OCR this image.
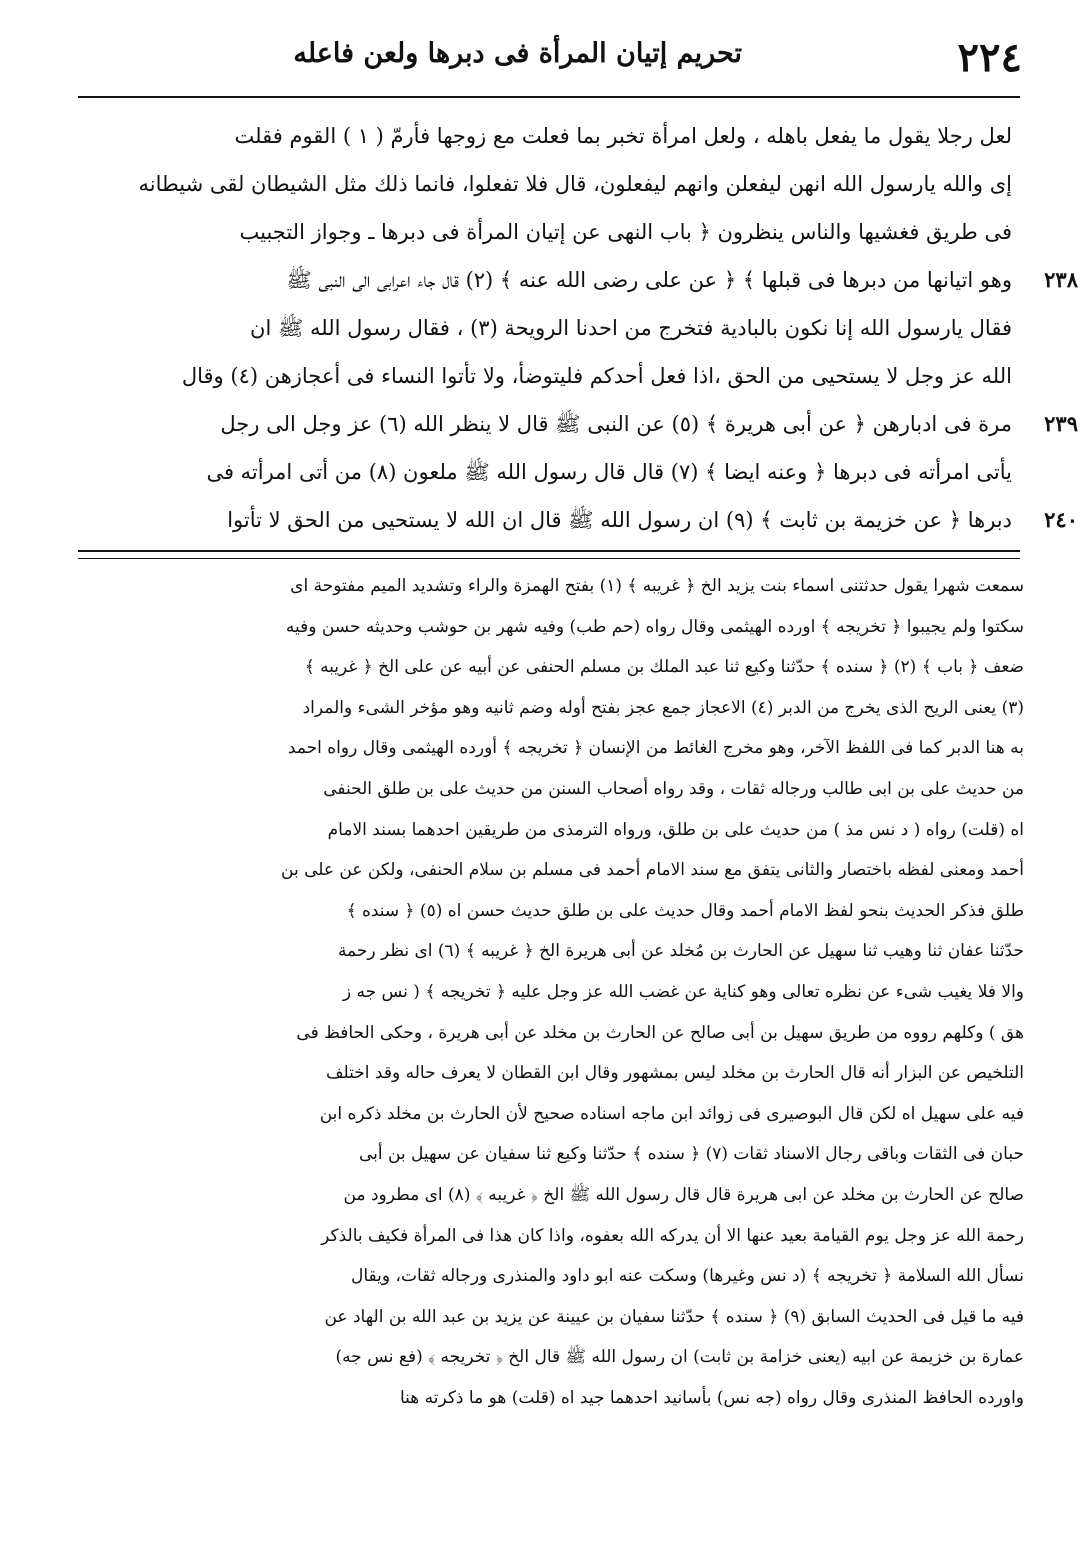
٢٢٤
تحريم إتيان المرأة فى دبرها ولعن فاعله
لعل رجلا يقول ما يفعل باهله ، ولعل امرأة تخبر بما فعلت مع زوجها فأرمّ ( ١ ) القوم فقلت
إى والله يارسول الله انهن ليفعلن وانهم ليفعلون، قال فلا تفعلوا، فانما ذلك مثل الشيطان لقى شيطانه
فى طريق فغشيها والناس ينظرون ﴿ باب النهى عن إتيان المرأة فى دبرها ـ وجواز التجبيب
٢٣٨
وهو اتيانها من دبرها فى قبلها ﴾ ﴿ عن على رضى الله عنه ﴾ (٢) قال جاء اعرابى الى النبى ﷺ
فقال يارسول الله إنا نكون بالبادية فتخرج من احدنا الرويحة (٣) ، فقال رسول الله ﷺ ان
الله عز وجل لا يستحيى من الحق ،اذا فعل أحدكم فليتوضأ، ولا تأتوا النساء فى أعجازهن (٤) وقال
٢٣٩
مرة فى ادبارهن ﴿ عن أبى هريرة ﴾ (٥) عن النبى ﷺ قال لا ينظر الله (٦) عز وجل الى رجل
يأتى امرأته فى دبرها ﴿ وعنه ايضا ﴾ (٧) قال قال رسول الله ﷺ ملعون (٨) من أتى امرأته فى
٢٤٠
دبرها ﴿ عن خزيمة بن ثابت ﴾ (٩) ان رسول الله ﷺ قال ان الله لا يستحيى من الحق لا تأتوا
سمعت شهرا يقول حدثتنى اسماء بنت يزيد الخ ﴿ غريبه ﴾ (١) بفتح الهمزة والراء وتشديد الميم مفتوحة اى
سكتوا ولم يجيبوا ﴿ تخريجه ﴾ اورده الهيثمى وقال رواه (حم طب) وفيه شهر بن حوشب وحديثه حسن وفيه
ضعف ﴿ باب ﴾ (٢) ﴿ سنده ﴾ حدّثنا وكيع ثنا عبد الملك بن مسلم الحنفى عن أبيه عن على الخ ﴿ غريبه ﴾
(٣) يعنى الريح الذى يخرج من الدبر (٤) الاعجاز جمع عجز بفتح أوله وضم ثانيه وهو مؤخر الشىء والمراد
به هنا الدبر كما فى اللفظ الآخر، وهو مخرج الغائط من الإنسان ﴿ تخريجه ﴾ أورده الهيثمى وقال رواه احمد
من حديث على بن ابى طالب ورجاله ثقات ، وقد رواه أصحاب السنن من حديث على بن طلق الحنفى
اه (قلت) رواه ( د نس مذ ) من حديث على بن طلق، ورواه الترمذى من طريقين احدهما بسند الامام
أحمد ومعنى لفظه باختصار والثانى يتفق مع سند الامام أحمد فى مسلم بن سلام الحنفى، ولكن عن على بن
طلق فذكر الحديث بنحو لفظ الامام أحمد وقال حديث على بن طلق حديث حسن اه (٥) ﴿ سنده ﴾
حدّثنا عفان ثنا وهيب ثنا سهيل عن الحارث بن مُخلد عن أبى هريرة الخ ﴿ غريبه ﴾ (٦) اى نظر رحمة
والا فلا يغيب شىء عن نظره تعالى وهو كناية عن غضب الله عز وجل عليه ﴿ تخريجه ﴾ ( نس جه ز
هق ) وكلهم رووه من طريق سهيل بن أبى صالح عن الحارث بن مخلد عن أبى هريرة ، وحكى الحافظ فى
التلخيص عن البزار أنه قال الحارث بن مخلد ليس بمشهور وقال ابن القطان لا يعرف حاله وقد اختلف
فيه على سهيل اه لكن قال البوصيرى فى زوائد ابن ماجه اسناده صحيح لأن الحارث بن مخلد ذكره ابن
حبان فى الثقات وباقى رجال الاسناد ثقات (٧) ﴿ سنده ﴾ حدّثنا وكيع ثنا سفيان عن سهيل بن أبى
صالح عن الحارث بن مخلد عن ابى هريرة قال قال رسول الله ﷺ الخ ﴿ غريبه ﴾ (٨) اى مطرود من
رحمة الله عز وجل يوم القيامة بعيد عنها الا أن يدركه الله بعفوه، واذا كان هذا فى المرأة فكيف بالذكر
نسأل الله السلامة ﴿ تخريجه ﴾ (د نس وغيرها) وسكت عنه ابو داود والمنذرى ورجاله ثقات، ويقال
فيه ما قيل فى الحديث السابق (٩) ﴿ سنده ﴾ حدّثنا سفيان بن عيينة عن يزيد بن عبد الله بن الهاد عن
عمارة بن خزيمة عن ابيه (يعنى خزامة بن ثابت) ان رسول الله ﷺ قال الخ ﴿ تخريجه ﴾ (فع نس جه)
واورده الحافظ المنذرى وقال رواه (جه نس) بأسانيد احدهما جيد اه (قلت) هو ما ذكرته هنا
